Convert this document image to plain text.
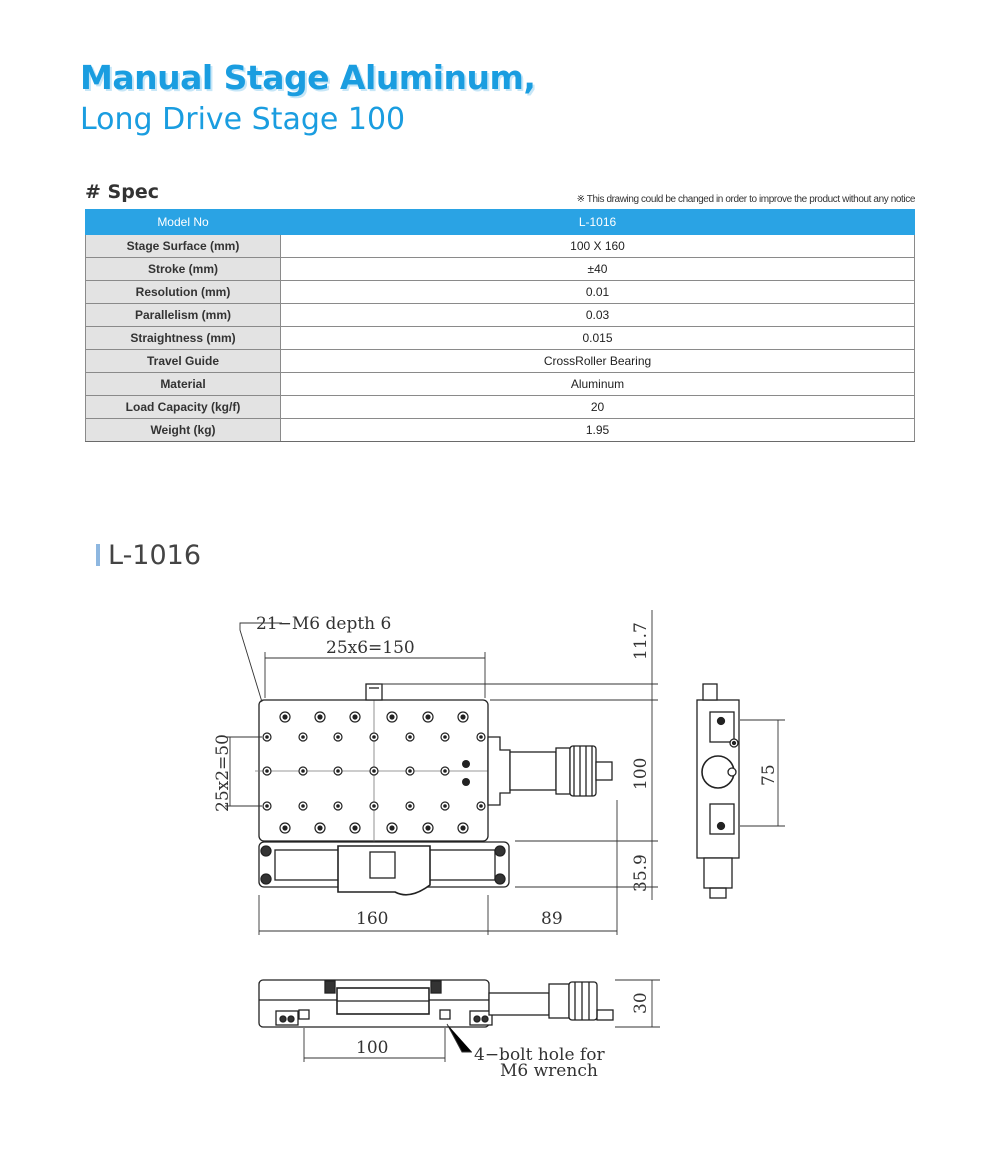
Manual Stage Aluminum,
Long Drive Stage 100
# Spec	※ This drawing could be changed in order to improve the product without any notice
Model No	L-1016
Stage Surface (mm)	100 X 160
Stroke (mm)	±40
Resolution (mm)	0.01
Parallelism (mm)	0.03
Straightness (mm)	0.015
Travel Guide	CrossRoller Bearing
Material	Aluminum
Load Capacity (kg/f)	20
Weight (kg)	1.95
L-1016
21−M6 depth 6
25x6=150
25x2=50
11.7
100
35.9
160	89
75
30
100	4−bolt hole for
M6 wrench
